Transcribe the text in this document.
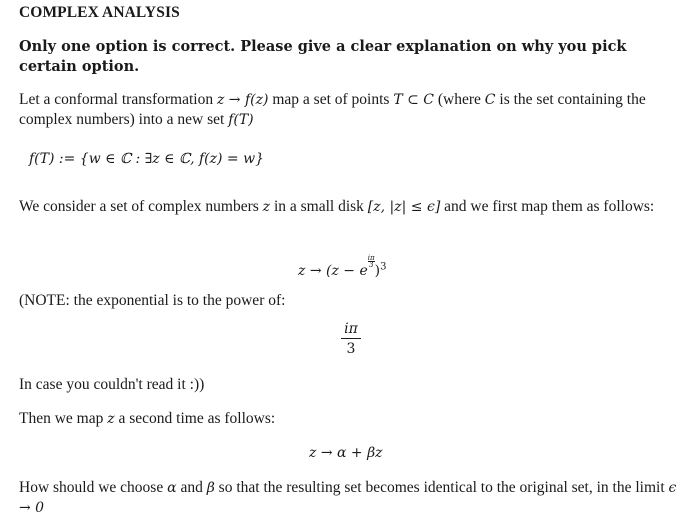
COMPLEX ANALYSIS
Only one option is correct. Please give a clear explanation on why you pick certain option.
Let a conformal transformation z → f(z) map a set of points T ⊂ C (where C is the set containing the complex numbers) into a new set f(T)
f(T) := {w ∈ ℂ : ∃z ∈ ℂ, f(z) = w}
We consider a set of complex numbers z in a small disk [z, |z| ≤ ϵ] and we first map them as follows:
z → (z − e
$^{\frac{i\pi}{3}}$
)$^3$
(NOTE: the exponential is to the power of:
iπ
3
In case you couldn't read it :))
Then we map z a second time as follows:
z → α + βz
How should we choose α and β so that the resulting set becomes identical to the original set, in the limit ϵ → 0
